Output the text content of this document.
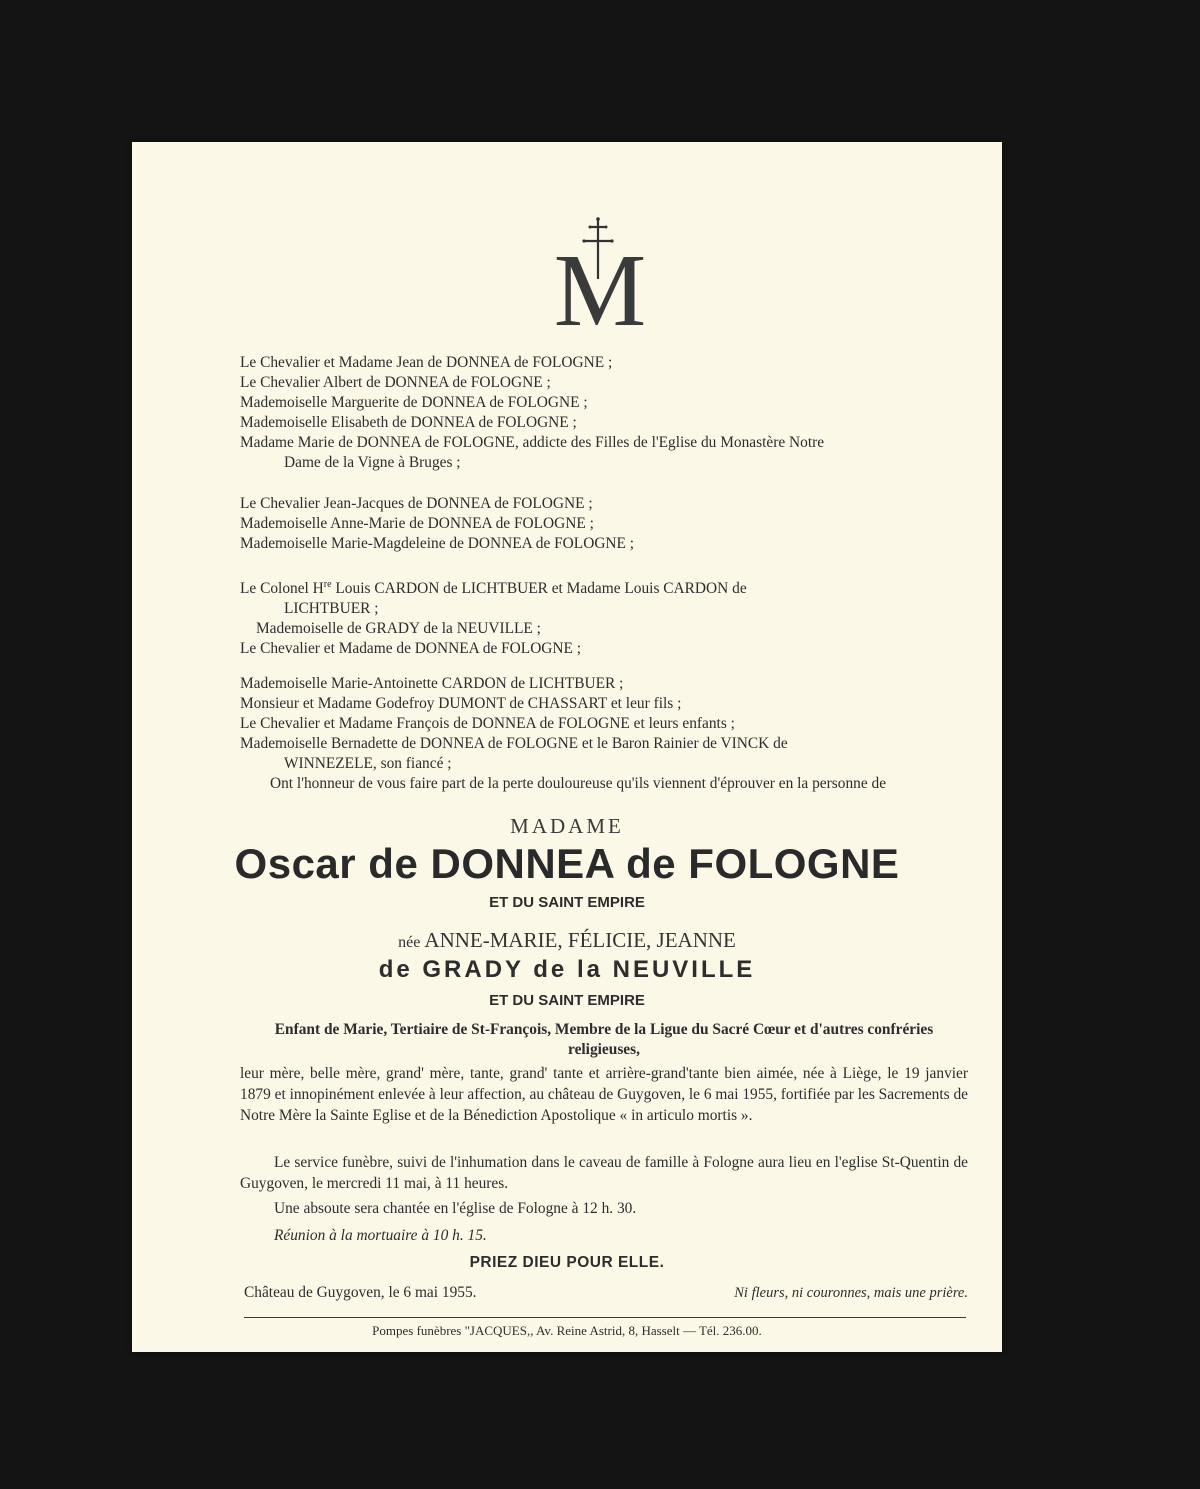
M
Le Chevalier et Madame Jean de DONNEA de FOLOGNE ;
Le Chevalier Albert de DONNEA de FOLOGNE ;
Mademoiselle Marguerite de DONNEA de FOLOGNE ;
Mademoiselle Elisabeth de DONNEA de FOLOGNE ;
Madame Marie de DONNEA de FOLOGNE, addicte des Filles de l'Eglise du Monastère Notre
Dame de la Vigne à Bruges ;
Le Chevalier Jean-Jacques de DONNEA de FOLOGNE ;
Mademoiselle Anne-Marie de DONNEA de FOLOGNE ;
Mademoiselle Marie-Magdeleine de DONNEA de FOLOGNE ;
Le Colonel $H^{re}$ Louis CARDON de LICHTBUER et Madame Louis CARDON de
LICHTBUER ;
Mademoiselle de GRADY de la NEUVILLE ;
Le Chevalier et Madame de DONNEA de FOLOGNE ;
Mademoiselle Marie-Antoinette CARDON de LICHTBUER ;
Monsieur et Madame Godefroy DUMONT de CHASSART et leur fils ;
Le Chevalier et Madame François de DONNEA de FOLOGNE et leurs enfants ;
Mademoiselle Bernadette de DONNEA de FOLOGNE et le Baron Rainier de VINCK de
WINNEZELE, son fiancé ;
Ont l'honneur de vous faire part de la perte douloureuse qu'ils viennent d'éprouver en la personne de
MADAME
Oscar de DONNEA de FOLOGNE
ET DU SAINT EMPIRE
née ANNE-MARIE, FÉLICIE, JEANNE
de GRADY de la NEUVILLE
ET DU SAINT EMPIRE
Enfant de Marie, Tertiaire de St-François, Membre de la Ligue du Sacré Cœur et d'autres confréries religieuses,
leur mère, belle mère, grand' mère, tante, grand' tante et arrière-grand'tante bien aimée, née à Liège, le 19 janvier 1879 et innopinément enlevée à leur affection, au château de Guygoven, le 6 mai 1955, fortifiée par les Sacrements de Notre Mère la Sainte Eglise et de la Bénediction Apostolique « in articulo mortis ».
Le service funèbre, suivi de l'inhumation dans le caveau de famille à Fologne aura lieu en l'eglise St-Quentin de Guygoven, le mercredi 11 mai, à 11 heures.
Une absoute sera chantée en l'église de Fologne à 12 h. 30.
Réunion à la mortuaire à 10 h. 15.
PRIEZ DIEU POUR ELLE.
Château de Guygoven, le 6 mai 1955.	Ni fleurs, ni couronnes, mais une prière.
Pompes funèbres "JACQUES,, Av. Reine Astrid, 8, Hasselt — Tél. 236.00.
